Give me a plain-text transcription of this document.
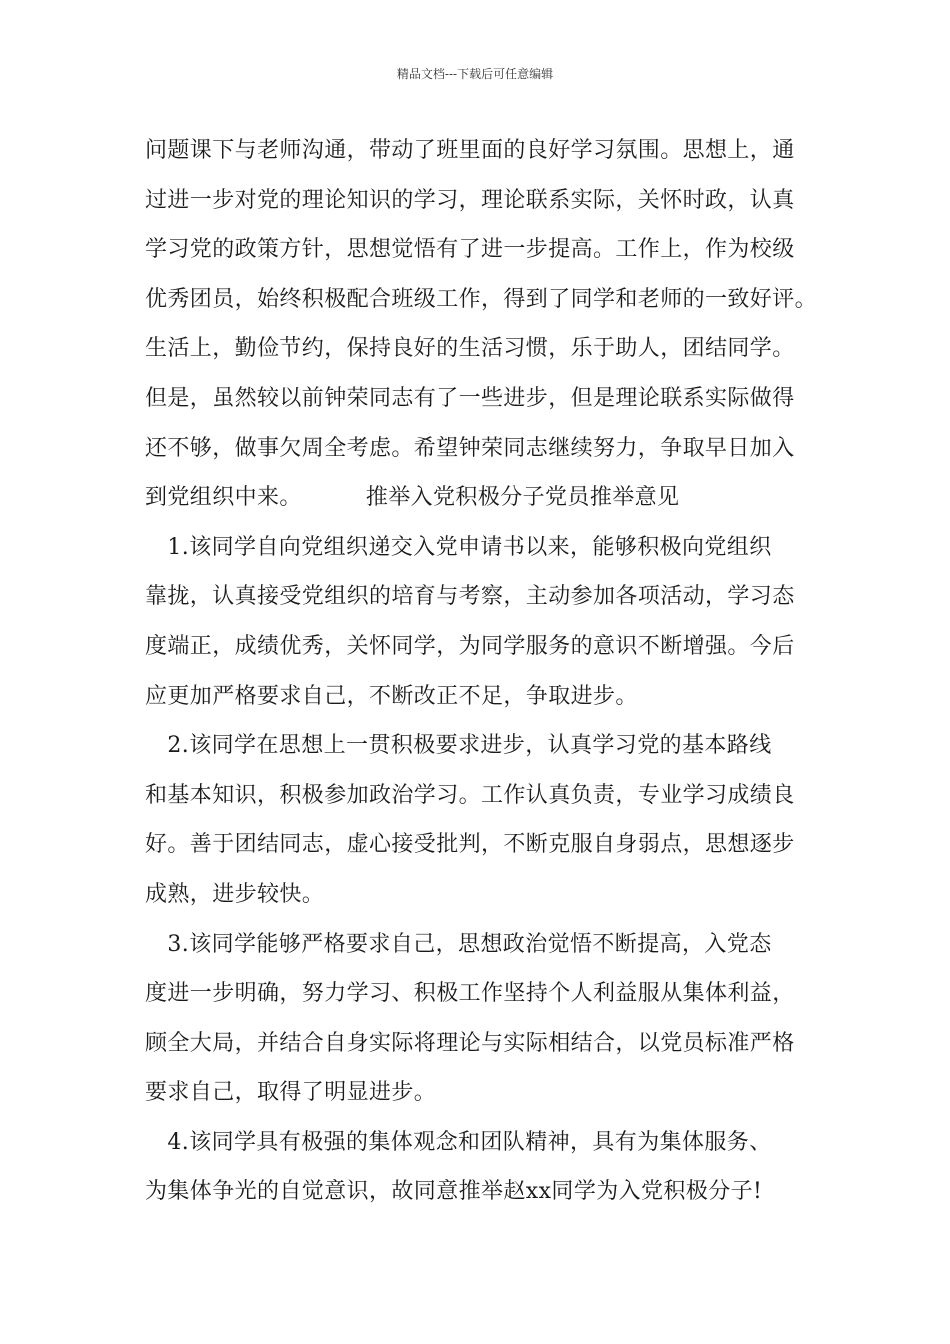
精品文档---下载后可任意编辑
问题课下与老师沟通，带动了班里面的良好学习氛围。思想上，通
过进一步对党的理论知识的学习，理论联系实际，关怀时政，认真
学习党的政策方针，思想觉悟有了进一步提高。工作上，作为校级
优秀团员，始终积极配合班级工作，得到了同学和老师的一致好评。
生活上，勤俭节约，保持良好的生活习惯，乐于助人，团结同学。
但是，虽然较以前钟荣同志有了一些进步，但是理论联系实际做得
还不够，做事欠周全考虑。希望钟荣同志继续努力，争取早日加入
到党组织中来。	推举入党积极分子党员推举意见
　1.该同学自向党组织递交入党申请书以来，能够积极向党组织
靠拢，认真接受党组织的培育与考察，主动参加各项活动，学习态
度端正，成绩优秀，关怀同学，为同学服务的意识不断增强。今后
应更加严格要求自己，不断改正不足，争取进步。
　2.该同学在思想上一贯积极要求进步，认真学习党的基本路线
和基本知识，积极参加政治学习。工作认真负责，专业学习成绩良
好。善于团结同志，虚心接受批判，不断克服自身弱点，思想逐步
成熟，进步较快。
　3.该同学能够严格要求自己，思想政治觉悟不断提高，入党态
度进一步明确，努力学习、积极工作坚持个人利益服从集体利益，
顾全大局，并结合自身实际将理论与实际相结合，以党员标准严格
要求自己，取得了明显进步。
　4.该同学具有极强的集体观念和团队精神，具有为集体服务、
为集体争光的自觉意识，故同意推举赵xx同学为入党积极分子!
